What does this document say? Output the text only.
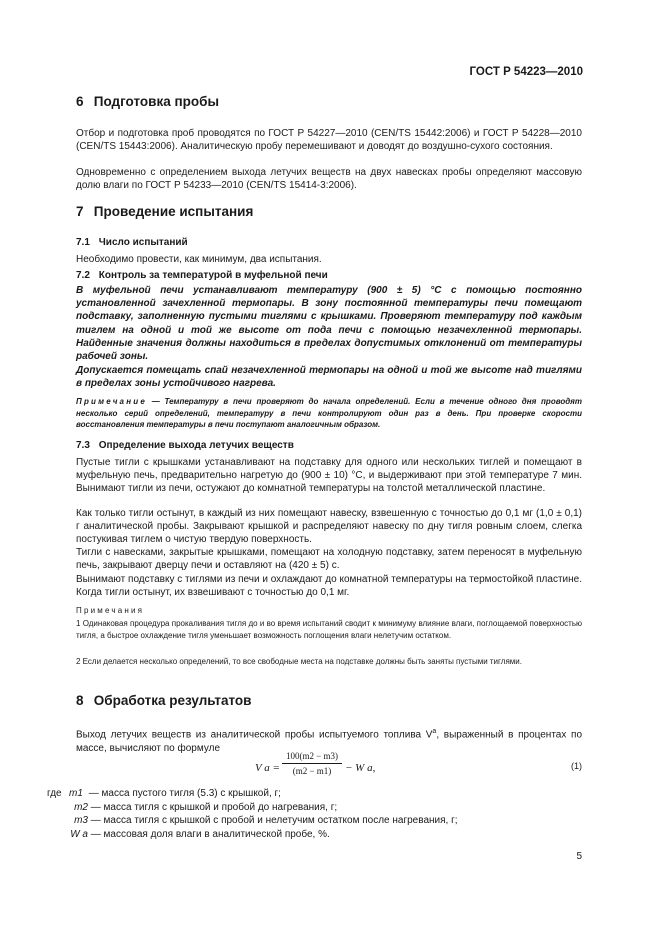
ГОСТ Р 54223—2010
6 Подготовка пробы
Отбор и подготовка проб проводятся по ГОСТ Р 54227—2010 (CEN/TS 15442:2006) и ГОСТ Р 54228—2010 (CEN/TS 15443:2006). Аналитическую пробу перемешивают и доводят до воздушно-сухого состояния.
Одновременно с определением выхода летучих веществ на двух навесках пробы определяют массовую долю влаги по ГОСТ Р 54233—2010 (CEN/TS 15414-3:2006).
7 Проведение испытания
7.1 Число испытаний
Необходимо провести, как минимум, два испытания.
7.2 Контроль за температурой в муфельной печи
В муфельной печи устанавливают температуру (900 ± 5) °С с помощью постоянно установленной зачехленной термопары. В зону постоянной температуры печи помещают подставку, заполненную пустыми тиглями с крышками. Проверяют температуру под каждым тиглем на одной и той же высоте от пода печи с помощью незачехленной термопары. Найденные значения должны находиться в пределах допустимых отклонений от температуры рабочей зоны.
Допускается помещать спай незачехленной термопары на одной и той же высоте над тиглями в пределах зоны устойчивого нагрева.
Примечание — Температуру в печи проверяют до начала определений. Если в течение одного дня проводят несколько серий определений, температуру в печи контролируют один раз в день. При проверке скорости восстановления температуры в печи поступают аналогичным образом.
7.3 Определение выхода летучих веществ
Пустые тигли с крышками устанавливают на подставку для одного или нескольких тиглей и помещают в муфельную печь, предварительно нагретую до (900 ± 10) °С, и выдерживают при этой температуре 7 мин. Вынимают тигли из печи, остужают до комнатной температуры на толстой металлической пластине.
Как только тигли остынут, в каждый из них помещают навеску, взвешенную с точностью до 0,1 мг (1,0 ± 0,1) г аналитической пробы. Закрывают крышкой и распределяют навеску по дну тигля ровным слоем, слегка постукивая тиглем о чистую твердую поверхность.
Тигли с навесками, закрытые крышками, помещают на холодную подставку, затем переносят в муфельную печь, закрывают дверцу печи и оставляют на (420 ± 5) с.
Вынимают подставку с тиглями из печи и охлаждают до комнатной температуры на термостойкой пластине. Когда тигли остынут, их взвешивают с точностью до 0,1 мг.
Примечания
1 Одинаковая процедура прокаливания тигля до и во время испытаний сводит к минимуму влияние влаги, поглощаемой поверхностью тигля, а быстрое охлаждение тигля уменьшает возможность поглощения влаги нелетучим остатком.
2 Если делается несколько определений, то все свободные места на подставке должны быть заняты пустыми тиглями.
8 Обработка результатов
Выход летучих веществ из аналитической пробы испытуемого топлива $V^a$, выраженный в процентах по массе, вычисляют по формуле
V a =
100(m2 − m3)
(m2 − m1)	− W a,	(1)
где m1 — масса пустого тигля (5.3) с крышкой, г;
m2 — масса тигля с крышкой и пробой до нагревания, г;
m3 — масса тигля с крышкой с пробой и нелетучим остатком после нагревания, г;
W a — массовая доля влаги в аналитической пробе, %.
5
